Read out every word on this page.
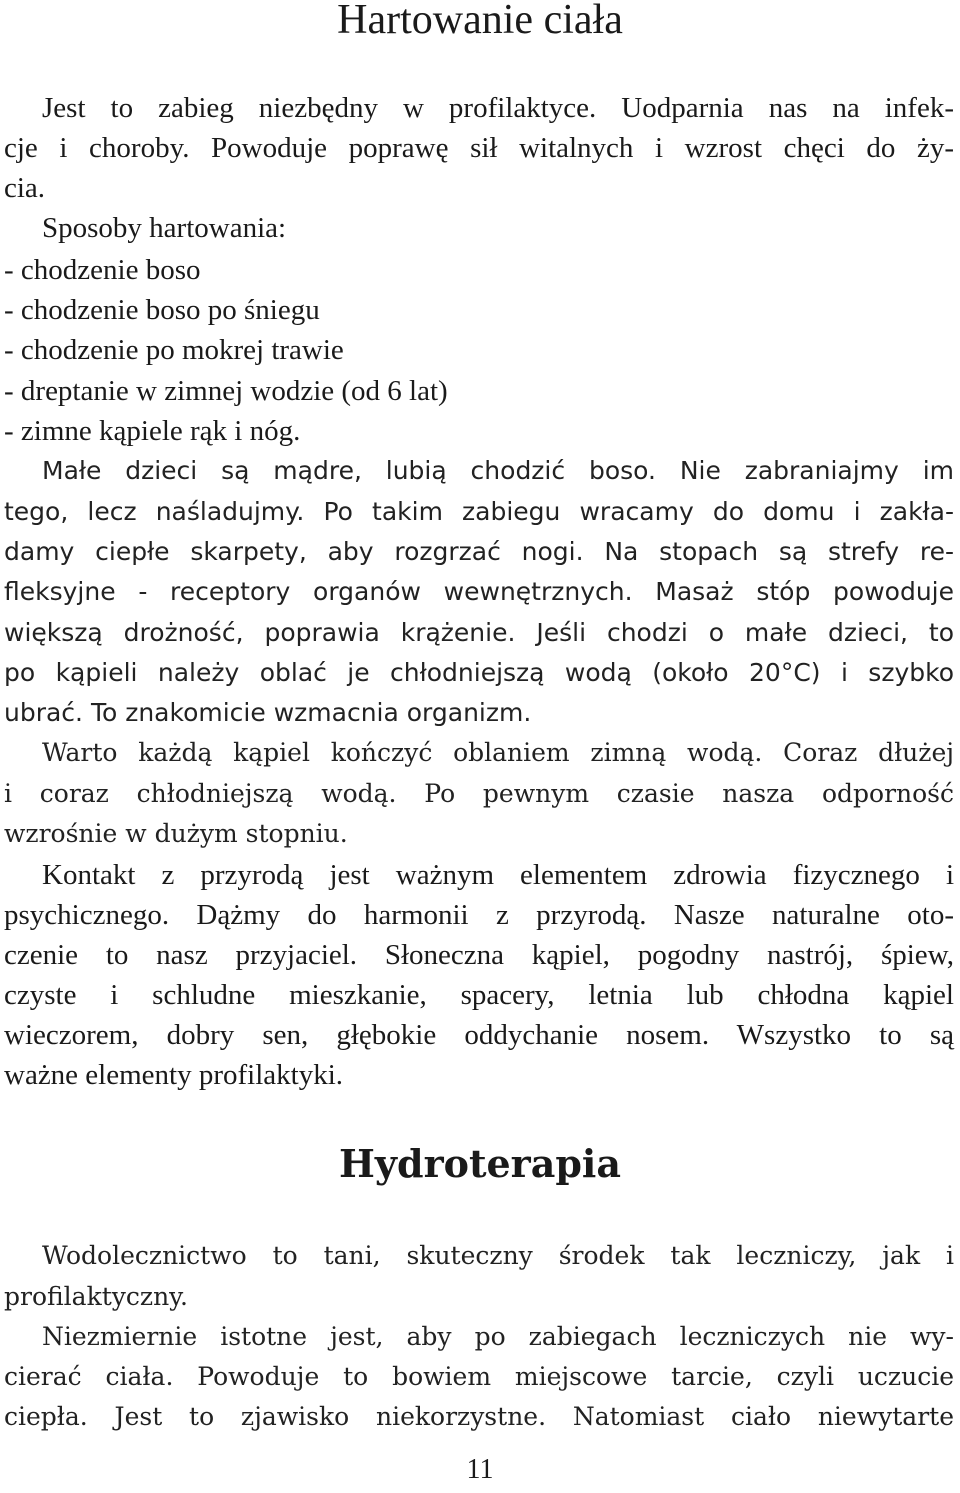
Hartowanie ciała
Jest to zabieg niezbędny w profilaktyce. Uodparnia nas na infek-
cje i choroby. Powoduje poprawę sił witalnych i wzrost chęci do ży-
cia.
Sposoby hartowania:
- chodzenie boso
- chodzenie boso po śniegu
- chodzenie po mokrej trawie
- dreptanie w zimnej wodzie (od 6 lat)
- zimne kąpiele rąk i nóg.
Małe dzieci są mądre, lubią chodzić boso. Nie zabraniajmy im
tego, lecz naśladujmy. Po takim zabiegu wracamy do domu i zakła-
damy ciepłe skarpety, aby rozgrzać nogi. Na stopach są strefy re-
fleksyjne - receptory organów wewnętrznych. Masaż stóp powoduje
większą drożność, poprawia krążenie. Jeśli chodzi o małe dzieci, to
po kąpieli należy oblać je chłodniejszą wodą (około 20°C) i szybko
ubrać. To znakomicie wzmacnia organizm.
Warto każdą kąpiel kończyć oblaniem zimną wodą. Coraz dłużej
i coraz chłodniejszą wodą. Po pewnym czasie nasza odporność
wzrośnie w dużym stopniu.
Kontakt z przyrodą jest ważnym elementem zdrowia fizycznego i
psychicznego. Dążmy do harmonii z przyrodą. Nasze naturalne oto-
czenie to nasz przyjaciel. Słoneczna kąpiel, pogodny nastrój, śpiew,
czyste i schludne mieszkanie, spacery, letnia lub chłodna kąpiel
wieczorem, dobry sen, głębokie oddychanie nosem. Wszystko to są
ważne elementy profilaktyki.
Hydroterapia
Wodolecznictwo to tani, skuteczny środek tak leczniczy, jak i
profilaktyczny.
Niezmiernie istotne jest, aby po zabiegach leczniczych nie wy-
cierać ciała. Powoduje to bowiem miejscowe tarcie, czyli uczucie
ciepła. Jest to zjawisko niekorzystne. Natomiast ciało niewytarte
11
